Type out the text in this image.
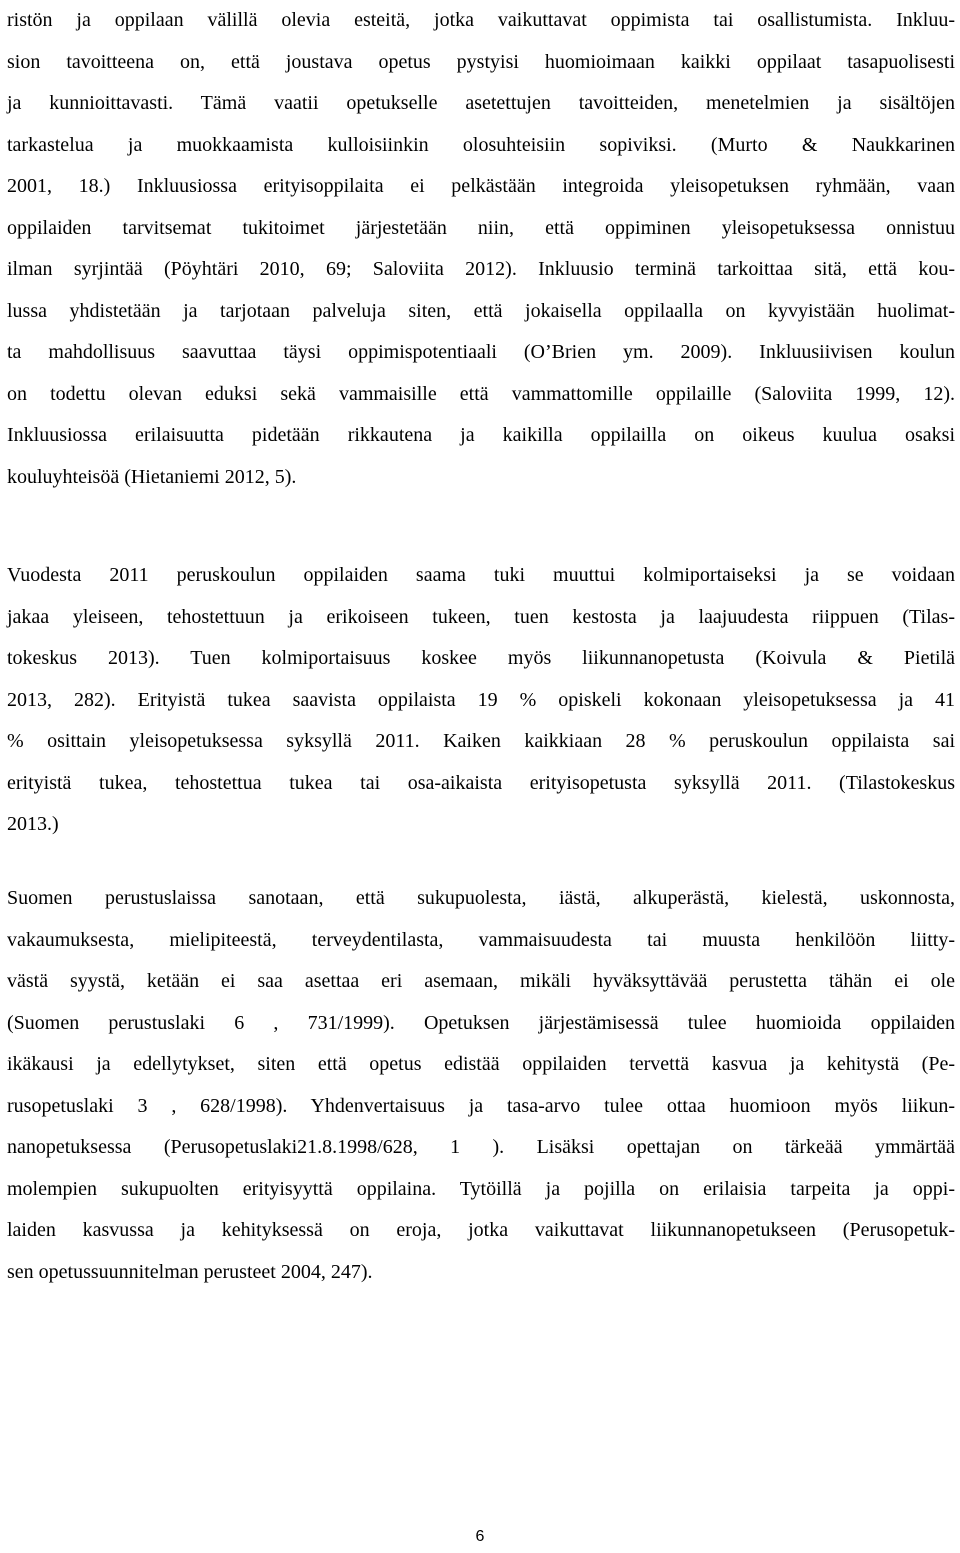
ristön ja oppilaan välillä olevia esteitä, jotka vaikuttavat oppimista tai osallistumista. Inkluu-
sion tavoitteena on, että joustava opetus pystyisi huomioimaan kaikki oppilaat tasapuolisesti
ja kunnioittavasti. Tämä vaatii opetukselle asetettujen tavoitteiden, menetelmien ja sisältöjen
tarkastelua ja muokkaamista kulloisiinkin olosuhteisiin sopiviksi. (Murto & Naukkarinen
2001, 18.) Inkluusiossa erityisoppilaita ei pelkästään integroida yleisopetuksen ryhmään, vaan
oppilaiden tarvitsemat tukitoimet järjestetään niin, että oppiminen yleisopetuksessa onnistuu
ilman syrjintää (Pöyhtäri 2010, 69; Saloviita 2012). Inkluusio terminä tarkoittaa sitä, että kou-
lussa yhdistetään ja tarjotaan palveluja siten, että jokaisella oppilaalla on kyvyistään huolimat-
ta mahdollisuus saavuttaa täysi oppimispotentiaali (O’Brien ym. 2009). Inkluusiivisen koulun
on todettu olevan eduksi sekä vammaisille että vammattomille oppilaille (Saloviita 1999, 12).
Inkluusiossa erilaisuutta pidetään rikkautena ja kaikilla oppilailla on oikeus kuulua osaksi
kouluyhteisöä (Hietaniemi 2012, 5).

Vuodesta 2011 peruskoulun oppilaiden saama tuki muuttui kolmiportaiseksi ja se voidaan
jakaa yleiseen, tehostettuun ja erikoiseen tukeen, tuen kestosta ja laajuudesta riippuen (Tilas-
tokeskus 2013). Tuen kolmiportaisuus koskee myös liikunnanopetusta (Koivula & Pietilä
2013, 282). Erityistä tukea saavista oppilaista 19 % opiskeli kokonaan yleisopetuksessa ja 41
% osittain yleisopetuksessa syksyllä 2011. Kaiken kaikkiaan 28 % peruskoulun oppilaista sai
erityistä tukea, tehostettua tukea tai osa-aikaista erityisopetusta syksyllä 2011. (Tilastokeskus
2013.)

Suomen perustuslaissa sanotaan, että sukupuolesta, iästä, alkuperästä, kielestä, uskonnosta,
vakaumuksesta, mielipiteestä, terveydentilasta, vammaisuudesta tai muusta henkilöön liitty-
västä syystä, ketään ei saa asettaa eri asemaan, mikäli hyväksyttävää perustetta tähän ei ole
(Suomen perustuslaki 6 , 731/1999). Opetuksen järjestämisessä tulee huomioida oppilaiden
ikäkausi ja edellytykset, siten että opetus edistää oppilaiden tervettä kasvua ja kehitystä (Pe-
rusopetuslaki 3 , 628/1998). Yhdenvertaisuus ja tasa-arvo tulee ottaa huomioon myös liikun-
nanopetuksessa (Perusopetuslaki21.8.1998/628, 1 ). Lisäksi opettajan on tärkeää ymmärtää
molempien sukupuolten erityisyyttä oppilaina. Tytöillä ja pojilla on erilaisia tarpeita ja oppi-
laiden kasvussa ja kehityksessä on eroja, jotka vaikuttavat liikunnanopetukseen (Perusopetuk-
sen opetussuunnitelman perusteet 2004, 247).

6
